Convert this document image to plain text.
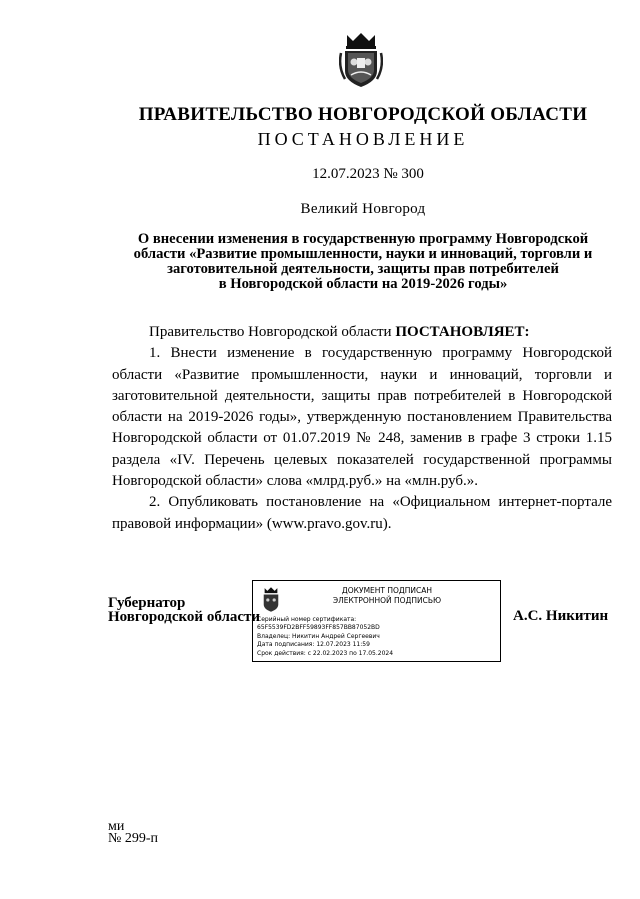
ПРАВИТЕЛЬСТВО НОВГОРОДСКОЙ ОБЛАСТИ
ПОСТАНОВЛЕНИЕ
12.07.2023 № 300
Великий Новгород
О внесении изменения в государственную программу Новгородской
области «Развитие промышленности, науки и инноваций, торговли и
заготовительной деятельности, защиты прав потребителей
в Новгородской области на 2019-2026 годы»

Правительство Новгородской области ПОСТАНОВЛЯЕТ:

1. Внести изменение в государственную программу Новгородской области «Развитие промышленности, науки и инноваций, торговли и заготовительной деятельности, защиты прав потребителей в Новгородской области на 2019-2026 годы», утвержденную постановлением Правительства Новгородской области от 01.07.2019 № 248, заменив в графе 3 строки 1.15 раздела «IV. Перечень целевых показателей государственной программы Новгородской области» слова «млрд.руб.» на «млн.руб.».

2. Опубликовать постановление на «Официальном интернет-портале правовой информации» (www.pravo.gov.ru).

Губернатор
Новгородской области
ДОКУМЕНТ ПОДПИСАН
ЭЛЕКТРОННОЙ ПОДПИСЬЮ
Серийный номер сертификата:
65F5539FD2BFF59893FF857BB87052BD
Владелец: Никитин Андрей Сергеевич
Дата подписания: 12.07.2023 11:59
Срок действия: с 22.02.2023 по 17.05.2024
А.С. Никитин
ми
№ 299-п
